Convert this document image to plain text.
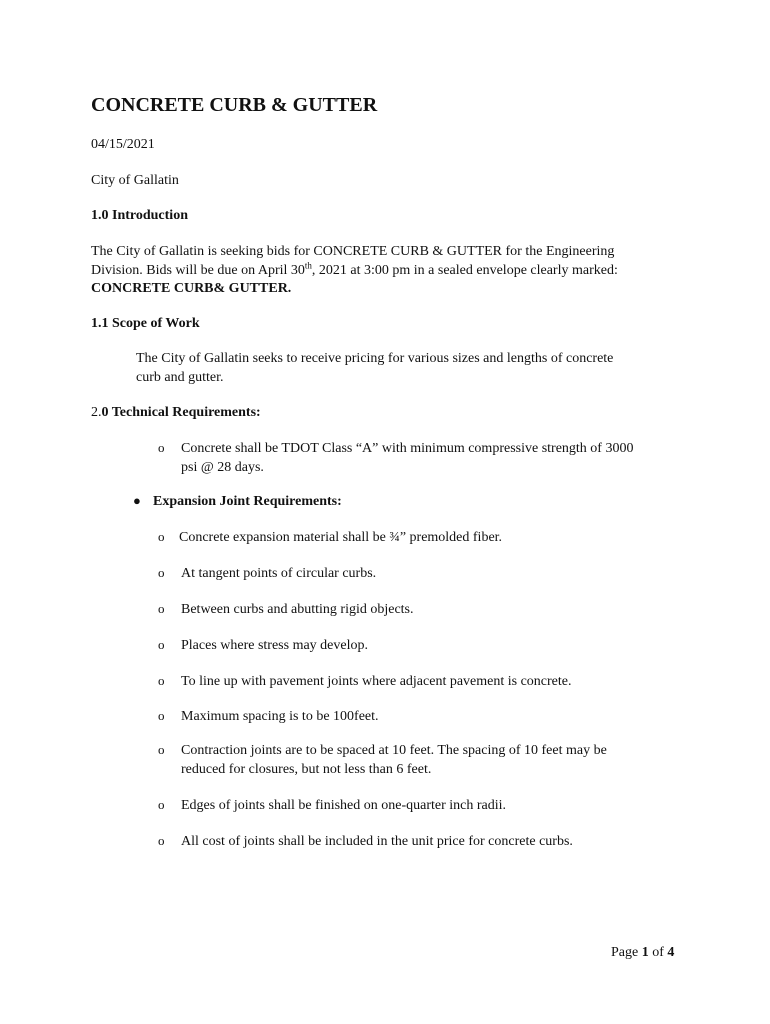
CONCRETE CURB & GUTTER
04/15/2021
City of Gallatin
1.0 Introduction
The City of Gallatin is seeking bids for CONCRETE CURB & GUTTER for the Engineering
Division. Bids will be due on April 30th, 2021 at 3:00 pm in a sealed envelope clearly marked:
CONCRETE CURB& GUTTER.
1.1 Scope of Work
The City of Gallatin seeks to receive pricing for various sizes and lengths of concrete
curb and gutter.
2.0 Technical Requirements:
o Concrete shall be TDOT Class “A” with minimum compressive strength of 3000
psi @ 28 days.
● Expansion Joint Requirements:
o Concrete expansion material shall be ¾” premolded fiber.
o At tangent points of circular curbs.
o Between curbs and abutting rigid objects.
o Places where stress may develop.
o To line up with pavement joints where adjacent pavement is concrete.
o Maximum spacing is to be 100feet.
o Contraction joints are to be spaced at 10 feet. The spacing of 10 feet may be
reduced for closures, but not less than 6 feet.
o Edges of joints shall be finished on one-quarter inch radii.
o All cost of joints shall be included in the unit price for concrete curbs.
Page 1 of 4
